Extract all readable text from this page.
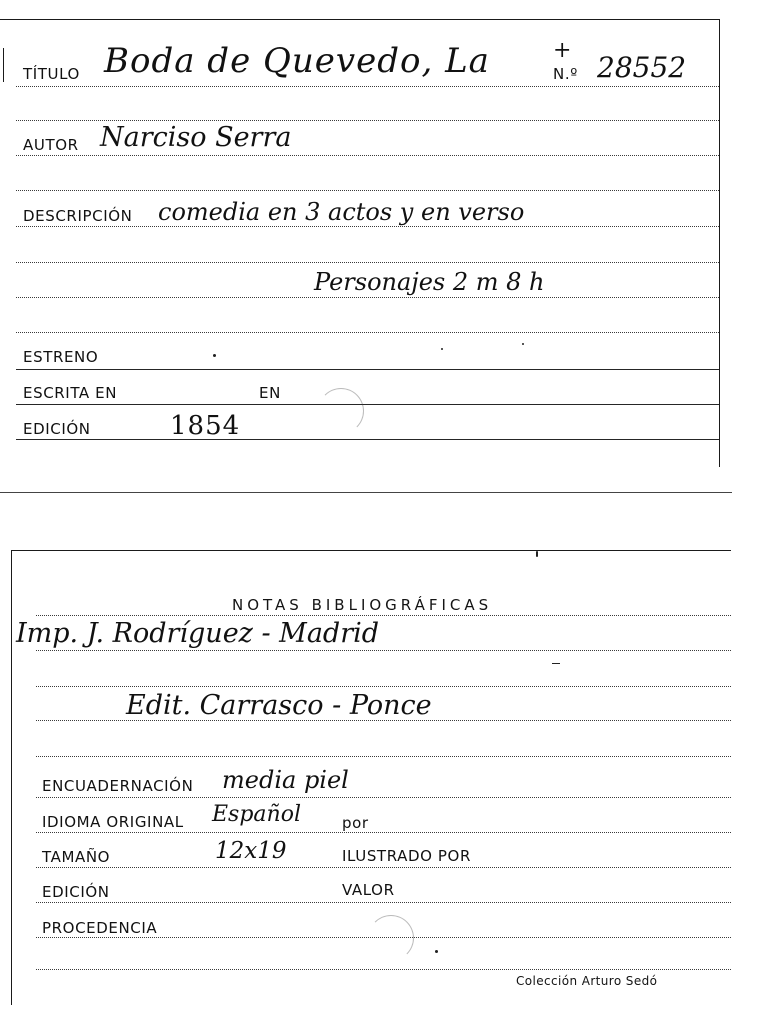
TÍTULO Boda de Quevedo, La	+
N.º 28552
AUTOR Narciso Serra
DESCRIPCIÓN comedia en 3 actos y en verso
Personajes 2 m 8 h
ESTRENO
ESCRITA EN	EN
EDICIÓN	1854
NOTAS BIBLIOGRÁFICAS
Imp. J. Rodríguez - Madrid
Edit. Carrasco - Ponce
ENCUADERNACIÓN media piel
IDIOMA ORIGINAL Español	por
TAMAÑO	12x19	ILUSTRADO POR
EDICIÓN	VALOR
PROCEDENCIA
Colección Arturo Sedó
